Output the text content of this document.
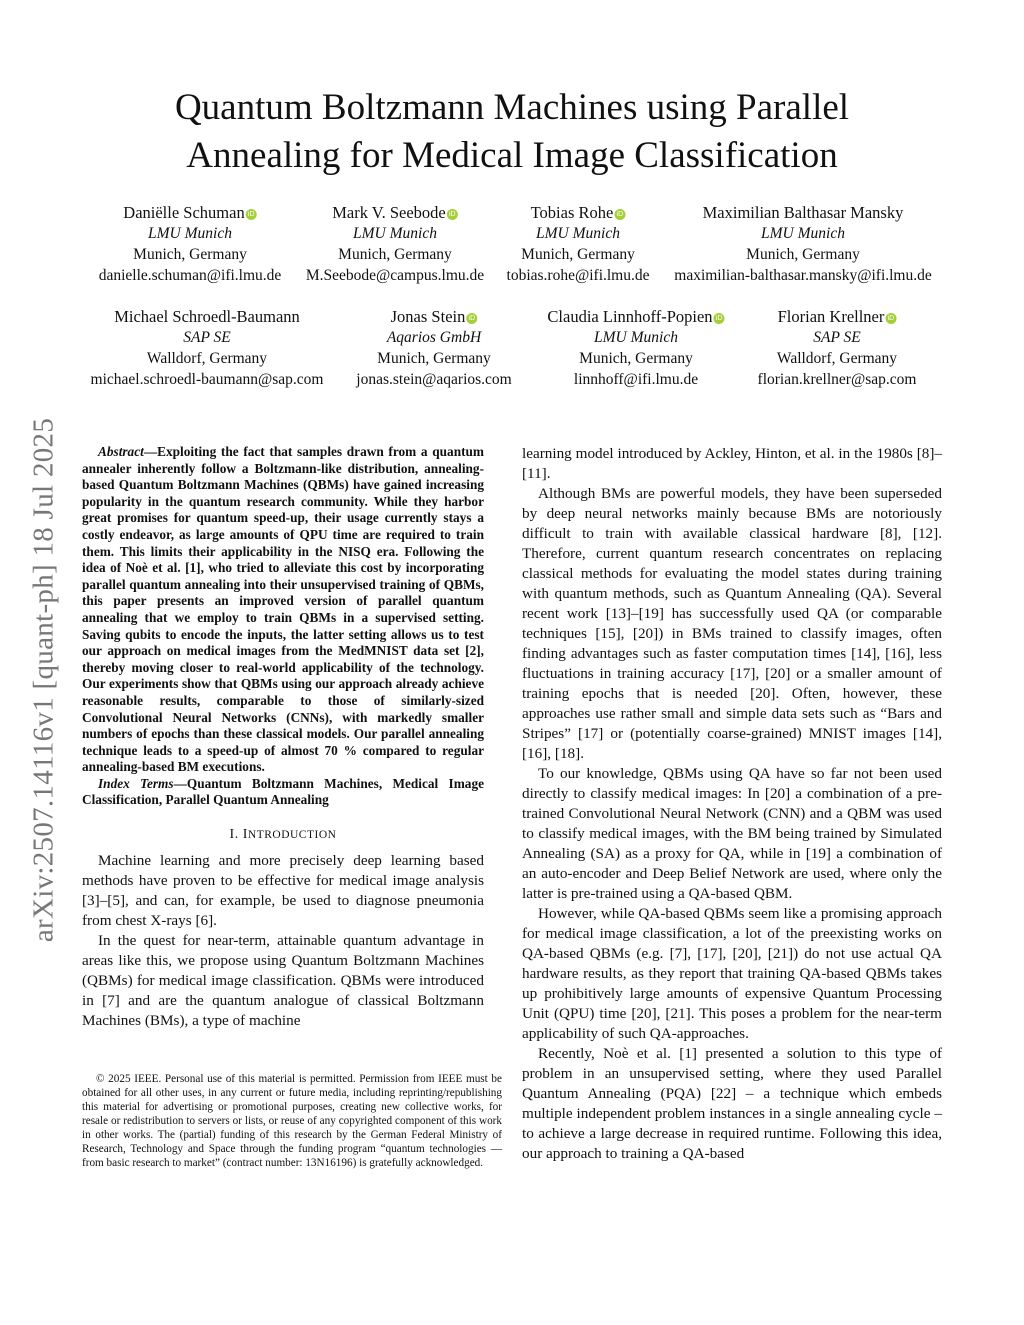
arXiv:2507.14116v1 [quant-ph] 18 Jul 2025
Quantum Boltzmann Machines using Parallel
Annealing for Medical Image Classification
Daniëlle Schuman iD
LMU Munich
Munich, Germany
danielle.schuman@ifi.lmu.de
Mark V. Seebode iD
LMU Munich
Munich, Germany
M.Seebode@campus.lmu.de
Tobias Rohe iD
LMU Munich
Munich, Germany
tobias.rohe@ifi.lmu.de
Maximilian Balthasar Mansky
LMU Munich
Munich, Germany
maximilian-balthasar.mansky@ifi.lmu.de
Michael Schroedl-Baumann
SAP SE
Walldorf, Germany
michael.schroedl-baumann@sap.com
Jonas Stein iD
Aqarios GmbH
Munich, Germany
jonas.stein@aqarios.com
Claudia Linnhoff-Popien iD
LMU Munich
Munich, Germany
linnhoff@ifi.lmu.de
Florian Krellner iD
SAP SE
Walldorf, Germany
florian.krellner@sap.com

Abstract—Exploiting the fact that samples drawn from a quantum annealer inherently follow a Boltzmann-like distribution, annealing-based Quantum Boltzmann Machines (QBMs) have gained increasing popularity in the quantum research community. While they harbor great promises for quantum speed-up, their usage currently stays a costly endeavor, as large amounts of QPU time are required to train them. This limits their applicability in the NISQ era. Following the idea of Noè et al. [1], who tried to alleviate this cost by incorporating parallel quantum annealing into their unsupervised training of QBMs, this paper presents an improved version of parallel quantum annealing that we employ to train QBMs in a supervised setting. Saving qubits to encode the inputs, the latter setting allows us to test our approach on medical images from the MedMNIST data set [2], thereby moving closer to real-world applicability of the technology. Our experiments show that QBMs using our approach already achieve reasonable results, comparable to those of similarly-sized Convolutional Neural Networks (CNNs), with markedly smaller numbers of epochs than these classical models. Our parallel annealing technique leads to a speed-up of almost 70 % compared to regular annealing-based BM executions.

Index Terms—Quantum Boltzmann Machines, Medical Image Classification, Parallel Quantum Annealing

I. INTRODUCTION

Machine learning and more precisely deep learning based methods have proven to be effective for medical image analysis [3]–[5], and can, for example, be used to diagnose pneumonia from chest X-rays [6].

In the quest for near-term, attainable quantum advantage in areas like this, we propose using Quantum Boltzmann Machines (QBMs) for medical image classification. QBMs were introduced in [7] and are the quantum analogue of classical Boltzmann Machines (BMs), a type of machine

© 2025 IEEE. Personal use of this material is permitted. Permission from IEEE must be obtained for all other uses, in any current or future media, including reprinting/republishing this material for advertising or promotional purposes, creating new collective works, for resale or redistribution to servers or lists, or reuse of any copyrighted component of this work in other works. The (partial) funding of this research by the German Federal Ministry of Research, Technology and Space through the funding program “quantum technologies — from basic research to market” (contract number: 13N16196) is gratefully acknowledged.

learning model introduced by Ackley, Hinton, et al. in the 1980s [8]–[11].

Although BMs are powerful models, they have been superseded by deep neural networks mainly because BMs are notoriously difficult to train with available classical hardware [8], [12]. Therefore, current quantum research concentrates on replacing classical methods for evaluating the model states during training with quantum methods, such as Quantum Annealing (QA). Several recent work [13]–[19] has successfully used QA (or comparable techniques [15], [20]) in BMs trained to classify images, often finding advantages such as faster computation times [14], [16], less fluctuations in training accuracy [17], [20] or a smaller amount of training epochs that is needed [20]. Often, however, these approaches use rather small and simple data sets such as “Bars and Stripes” [17] or (potentially coarse-grained) MNIST images [14], [16], [18].

To our knowledge, QBMs using QA have so far not been used directly to classify medical images: In [20] a combination of a pre-trained Convolutional Neural Network (CNN) and a QBM was used to classify medical images, with the BM being trained by Simulated Annealing (SA) as a proxy for QA, while in [19] a combination of an auto-encoder and Deep Belief Network are used, where only the latter is pre-trained using a QA-based QBM.

However, while QA-based QBMs seem like a promising approach for medical image classification, a lot of the preexisting works on QA-based QBMs (e.g. [7], [17], [20], [21]) do not use actual QA hardware results, as they report that training QA-based QBMs takes up prohibitively large amounts of expensive Quantum Processing Unit (QPU) time [20], [21]. This poses a problem for the near-term applicability of such QA-approaches.

Recently, Noè et al. [1] presented a solution to this type of problem in an unsupervised setting, where they used Parallel Quantum Annealing (PQA) [22] – a technique which embeds multiple independent problem instances in a single annealing cycle – to achieve a large decrease in required runtime. Following this idea, our approach to training a QA-based
